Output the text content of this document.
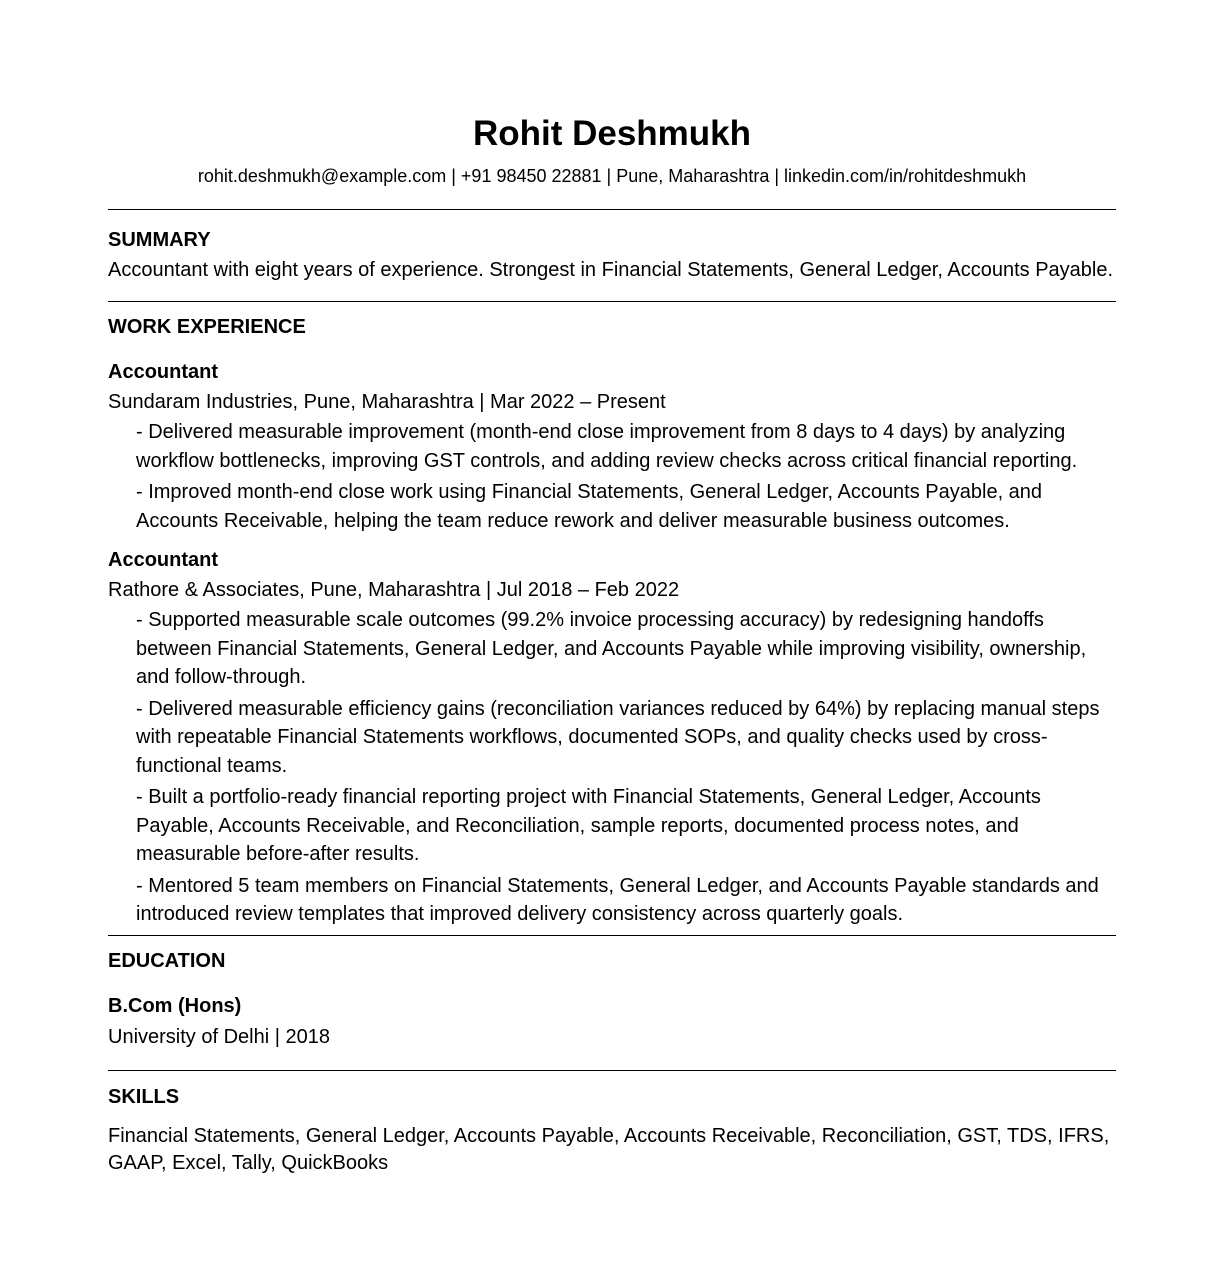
Rohit Deshmukh
rohit.deshmukh@example.com | +91 98450 22881 | Pune, Maharashtra | linkedin.com/in/rohitdeshmukh
SUMMARY
Accountant with eight years of experience. Strongest in Financial Statements, General Ledger, Accounts Payable.
WORK EXPERIENCE
Accountant
Sundaram Industries, Pune, Maharashtra | Mar 2022 – Present
- Delivered measurable improvement (month-end close improvement from 8 days to 4 days) by analyzing workflow bottlenecks, improving GST controls, and adding review checks across critical financial reporting.
- Improved month-end close work using Financial Statements, General Ledger, Accounts Payable, and Accounts Receivable, helping the team reduce rework and deliver measurable business outcomes.
Accountant
Rathore & Associates, Pune, Maharashtra | Jul 2018 – Feb 2022
- Supported measurable scale outcomes (99.2% invoice processing accuracy) by redesigning handoffs between Financial Statements, General Ledger, and Accounts Payable while improving visibility, ownership, and follow-through.
- Delivered measurable efficiency gains (reconciliation variances reduced by 64%) by replacing manual steps with repeatable Financial Statements workflows, documented SOPs, and quality checks used by cross-functional teams.
- Built a portfolio-ready financial reporting project with Financial Statements, General Ledger, Accounts Payable, Accounts Receivable, and Reconciliation, sample reports, documented process notes, and measurable before-after results.
- Mentored 5 team members on Financial Statements, General Ledger, and Accounts Payable standards and introduced review templates that improved delivery consistency across quarterly goals.
EDUCATION
B.Com (Hons)
University of Delhi | 2018
SKILLS
Financial Statements, General Ledger, Accounts Payable, Accounts Receivable, Reconciliation, GST, TDS, IFRS, GAAP, Excel, Tally, QuickBooks
